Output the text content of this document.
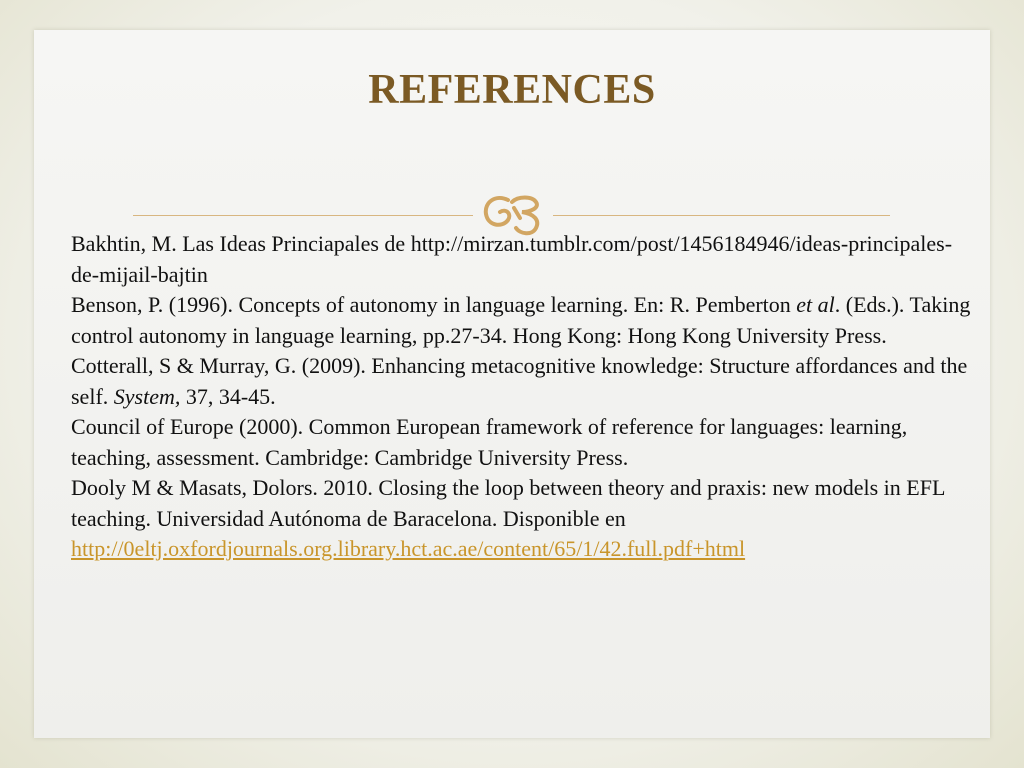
REFERENCES

Bakhtin, M. Las Ideas Princiapales de http://mirzan.tumblr.com/post/1456184946/ideas-principales-de-mijail-bajtin

Benson, P. (1996). Concepts of autonomy in language learning. En: R. Pemberton et al. (Eds.). Taking control autonomy in language learning, pp.27-34. Hong Kong: Hong Kong University Press.

Cotterall, S & Murray, G. (2009). Enhancing metacognitive knowledge: Structure affordances and the self. System, 37, 34-45.

Council of Europe (2000). Common European framework of reference for languages: learning, teaching, assessment. Cambridge: Cambridge University Press.

Dooly M & Masats, Dolors. 2010. Closing the loop between theory and praxis: new models in EFL teaching. Universidad Autónoma de Baracelona. Disponible en
http://0eltj.oxfordjournals.org.library.hct.ac.ae/content/65/1/42.full.pdf+html
